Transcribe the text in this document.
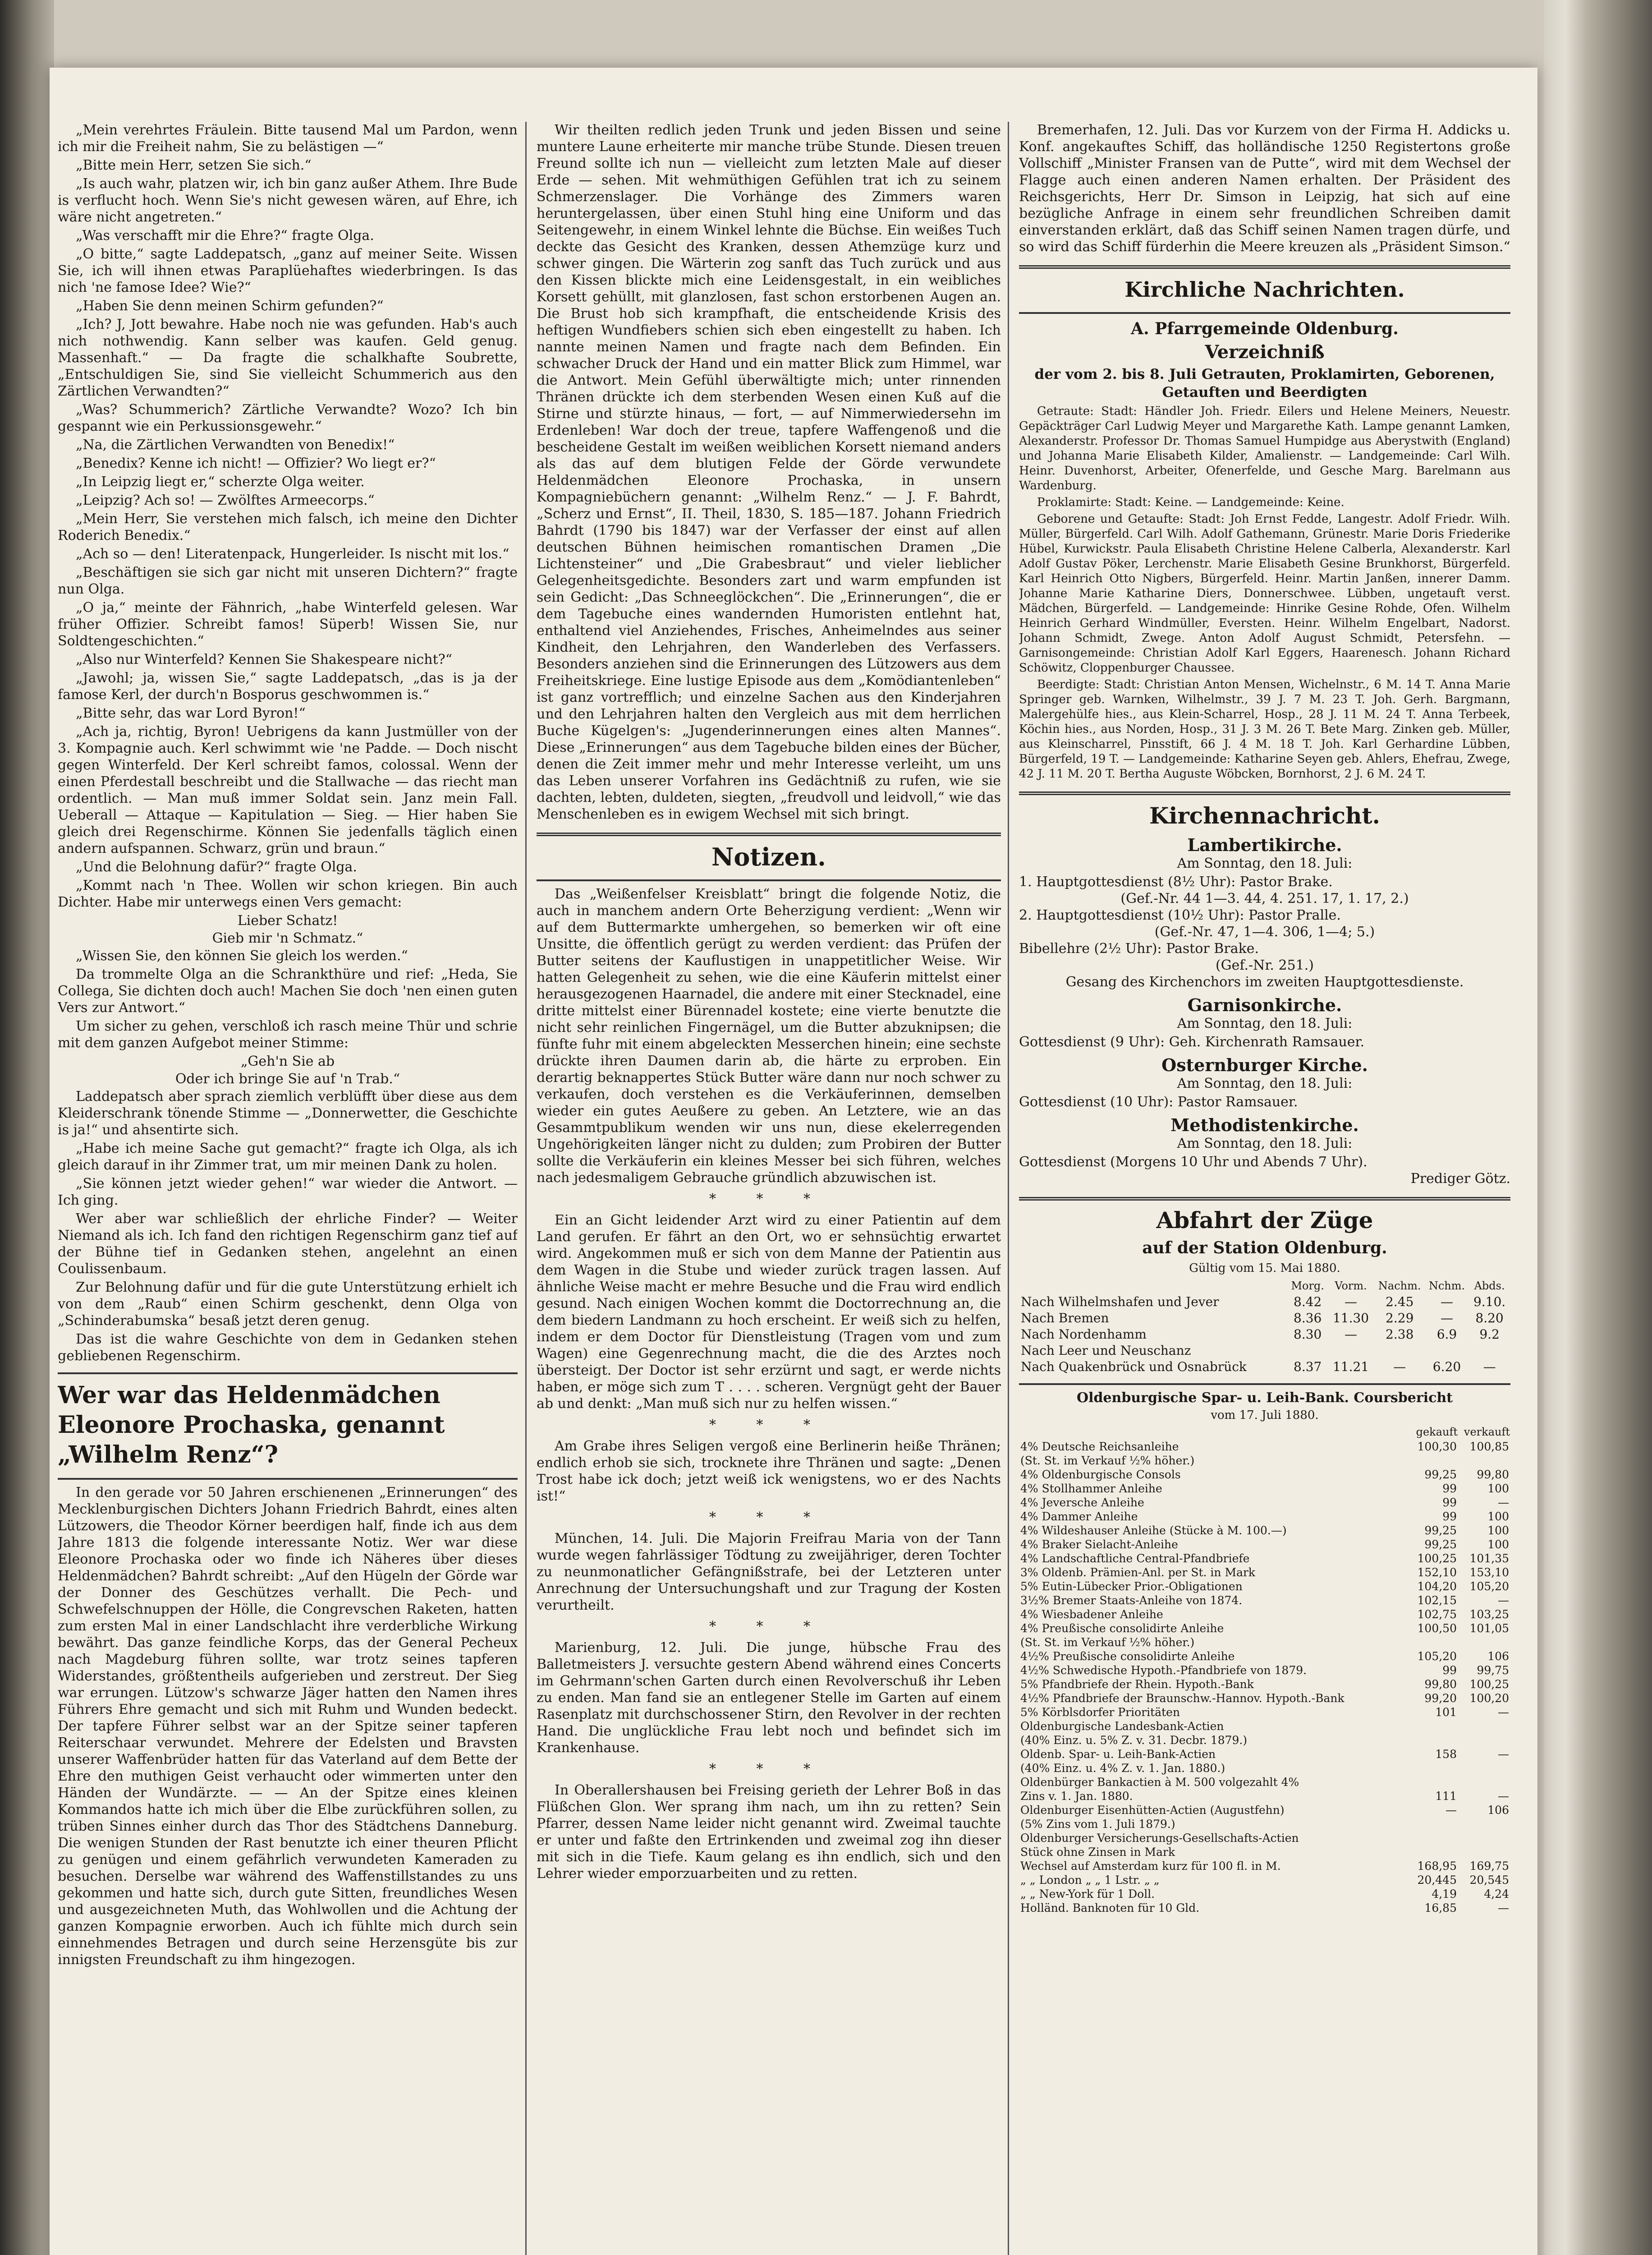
„Mein verehrtes Fräulein. Bitte tausend Mal um Pardon, wenn ich mir die Freiheit nahm, Sie zu belästigen —“

„Bitte mein Herr, setzen Sie sich.“

„Is auch wahr, platzen wir, ich bin ganz außer Athem. Ihre Bude is verflucht hoch. Wenn Sie's nicht gewesen wären, auf Ehre, ich wäre nicht angetreten.“

„Was verschafft mir die Ehre?“ fragte Olga.

„O bitte,“ sagte Laddepatsch, „ganz auf meiner Seite. Wissen Sie, ich will ihnen etwas Paraplüehaftes wiederbringen. Is das nich 'ne famose Idee? Wie?“

„Haben Sie denn meinen Schirm gefunden?“

„Ich? J, Jott bewahre. Habe noch nie was gefunden. Hab's auch nich nothwendig. Kann selber was kaufen. Geld genug. Massenhaft.“ — Da fragte die schalkhafte Soubrette, „Entschuldigen Sie, sind Sie vielleicht Schummerich aus den Zärtlichen Verwandten?“

„Was? Schummerich? Zärtliche Verwandte? Wozo? Ich bin gespannt wie ein Perkussionsgewehr.“

„Na, die Zärtlichen Verwandten von Benedix!“

„Benedix? Kenne ich nicht! — Offizier? Wo liegt er?“

„In Leipzig liegt er,“ scherzte Olga weiter.

„Leipzig? Ach so! — Zwölftes Armeecorps.“

„Mein Herr, Sie verstehen mich falsch, ich meine den Dichter Roderich Benedix.“

„Ach so — den! Literatenpack, Hungerleider. Is nischt mit los.“

„Beschäftigen sie sich gar nicht mit unseren Dichtern?“ fragte nun Olga.

„O ja,“ meinte der Fähnrich, „habe Winterfeld gelesen. War früher Offizier. Schreibt famos! Süperb! Wissen Sie, nur Soldtengeschichten.“

„Also nur Winterfeld? Kennen Sie Shakespeare nicht?“

„Jawohl; ja, wissen Sie,“ sagte Laddepatsch, „das is ja der famose Kerl, der durch'n Bosporus geschwommen is.“

„Bitte sehr, das war Lord Byron!“

„Ach ja, richtig, Byron! Uebrigens da kann Justmüller von der 3. Kompagnie auch. Kerl schwimmt wie 'ne Padde. — Doch nischt gegen Winterfeld. Der Kerl schreibt famos, colossal. Wenn der einen Pferdestall beschreibt und die Stallwache — das riecht man ordentlich. — Man muß immer Soldat sein. Janz mein Fall. Ueberall — Attaque — Kapitulation — Sieg. — Hier haben Sie gleich drei Regenschirme. Können Sie jedenfalls täglich einen andern aufspannen. Schwarz, grün und braun.“

„Und die Belohnung dafür?“ fragte Olga.

„Kommt nach 'n Thee. Wollen wir schon kriegen. Bin auch Dichter. Habe mir unterwegs einen Vers gemacht:

Lieber Schatz!

Gieb mir 'n Schmatz.“

„Wissen Sie, den können Sie gleich los werden.“

Da trommelte Olga an die Schrankthüre und rief: „Heda, Sie Collega, Sie dichten doch auch! Machen Sie doch 'nen einen guten Vers zur Antwort.“

Um sicher zu gehen, verschloß ich rasch meine Thür und schrie mit dem ganzen Aufgebot meiner Stimme:

„Geh'n Sie ab

Oder ich bringe Sie auf 'n Trab.“

Laddepatsch aber sprach ziemlich verblüfft über diese aus dem Kleiderschrank tönende Stimme — „Donnerwetter, die Geschichte is ja!“ und ahsentirte sich.

„Habe ich meine Sache gut gemacht?“ fragte ich Olga, als ich gleich darauf in ihr Zimmer trat, um mir meinen Dank zu holen.

„Sie können jetzt wieder gehen!“ war wieder die Antwort. — Ich ging.

Wer aber war schließlich der ehrliche Finder? — Weiter Niemand als ich. Ich fand den richtigen Regenschirm ganz tief auf der Bühne tief in Gedanken stehen, angelehnt an einen Coulissenbaum.

Zur Belohnung dafür und für die gute Unterstützung erhielt ich von dem „Raub“ einen Schirm geschenkt, denn Olga von „Schinderabumska“ besaß jetzt deren genug.

Das ist die wahre Geschichte von dem in Gedanken stehen gebliebenen Regenschirm.

Wer war das Heldenmädchen Eleonore Prochaska, genannt „Wilhelm Renz“?

In den gerade vor 50 Jahren erschienenen „Erinnerungen“ des Mecklenburgischen Dichters Johann Friedrich Bahrdt, eines alten Lützowers, die Theodor Körner beerdigen half, finde ich aus dem Jahre 1813 die folgende interessante Notiz. Wer war diese Eleonore Prochaska oder wo finde ich Näheres über dieses Heldenmädchen? Bahrdt schreibt: „Auf den Hügeln der Görde war der Donner des Geschützes verhallt. Die Pech- und Schwefelschnuppen der Hölle, die Congrevschen Raketen, hatten zum ersten Mal in einer Landschlacht ihre verderbliche Wirkung bewährt. Das ganze feindliche Korps, das der General Pecheux nach Magdeburg führen sollte, war trotz seines tapferen Widerstandes, größtentheils aufgerieben und zerstreut. Der Sieg war errungen. Lützow's schwarze Jäger hatten den Namen ihres Führers Ehre gemacht und sich mit Ruhm und Wunden bedeckt. Der tapfere Führer selbst war an der Spitze seiner tapferen Reiterschaar verwundet. Mehrere der Edelsten und Bravsten unserer Waffenbrüder hatten für das Vaterland auf dem Bette der Ehre den muthigen Geist verhaucht oder wimmerten unter den Händen der Wundärzte. — — An der Spitze eines kleinen Kommandos hatte ich mich über die Elbe zurückführen sollen, zu trüben Sinnes einher durch das Thor des Städtchens Danneburg. Die wenigen Stunden der Rast benutzte ich einer theuren Pflicht zu genügen und einem gefährlich verwundeten Kameraden zu besuchen. Derselbe war während des Waffenstillstandes zu uns gekommen und hatte sich, durch gute Sitten, freundliches Wesen und ausgezeichneten Muth, das Wohlwollen und die Achtung der ganzen Kompagnie erworben. Auch ich fühlte mich durch sein einnehmendes Betragen und durch seine Herzensgüte bis zur innigsten Freundschaft zu ihm hingezogen.

Wir theilten redlich jeden Trunk und jeden Bissen und seine muntere Laune erheiterte mir manche trübe Stunde. Diesen treuen Freund sollte ich nun — vielleicht zum letzten Male auf dieser Erde — sehen. Mit wehmüthigen Gefühlen trat ich zu seinem Schmerzenslager. Die Vorhänge des Zimmers waren heruntergelassen, über einen Stuhl hing eine Uniform und das Seitengewehr, in einem Winkel lehnte die Büchse. Ein weißes Tuch deckte das Gesicht des Kranken, dessen Athemzüge kurz und schwer gingen. Die Wärterin zog sanft das Tuch zurück und aus den Kissen blickte mich eine Leidensgestalt, in ein weibliches Korsett gehüllt, mit glanzlosen, fast schon erstorbenen Augen an. Die Brust hob sich krampfhaft, die entscheidende Krisis des heftigen Wundfiebers schien sich eben eingestellt zu haben. Ich nannte meinen Namen und fragte nach dem Befinden. Ein schwacher Druck der Hand und ein matter Blick zum Himmel, war die Antwort. Mein Gefühl überwältigte mich; unter rinnenden Thränen drückte ich dem sterbenden Wesen einen Kuß auf die Stirne und stürzte hinaus, — fort, — auf Nimmerwiedersehn im Erdenleben! War doch der treue, tapfere Waffengenoß und die bescheidene Gestalt im weißen weiblichen Korsett niemand anders als das auf dem blutigen Felde der Görde verwundete Heldenmädchen Eleonore Prochaska, in unsern Kompagniebüchern genannt: „Wilhelm Renz.“ — J. F. Bahrdt, „Scherz und Ernst“, II. Theil, 1830, S. 185—187. Johann Friedrich Bahrdt (1790 bis 1847) war der Verfasser der einst auf allen deutschen Bühnen heimischen romantischen Dramen „Die Lichtensteiner“ und „Die Grabesbraut“ und vieler lieblicher Gelegenheitsgedichte. Besonders zart und warm empfunden ist sein Gedicht: „Das Schneeglöckchen“. Die „Erinnerungen“, die er dem Tagebuche eines wandernden Humoristen entlehnt hat, enthaltend viel Anziehendes, Frisches, Anheimelndes aus seiner Kindheit, den Lehrjahren, den Wanderleben des Verfassers. Besonders anziehen sind die Erinnerungen des Lützowers aus dem Freiheitskriege. Eine lustige Episode aus dem „Komödiantenleben“ ist ganz vortrefflich; und einzelne Sachen aus den Kinderjahren und den Lehrjahren halten den Vergleich aus mit dem herrlichen Buche Kügelgen's: „Jugenderinnerungen eines alten Mannes“. Diese „Erinnerungen“ aus dem Tagebuche bilden eines der Bücher, denen die Zeit immer mehr und mehr Interesse verleiht, um uns das Leben unserer Vorfahren ins Gedächtniß zu rufen, wie sie dachten, lebten, duldeten, siegten, „freudvoll und leidvoll,“ wie das Menschenleben es in ewigem Wechsel mit sich bringt.

Notizen.

Das „Weißenfelser Kreisblatt“ bringt die folgende Notiz, die auch in manchem andern Orte Beherzigung verdient: „Wenn wir auf dem Buttermarkte umhergehen, so bemerken wir oft eine Unsitte, die öffentlich gerügt zu werden verdient: das Prüfen der Butter seitens der Kauflustigen in unappetitlicher Weise. Wir hatten Gelegenheit zu sehen, wie die eine Käuferin mittelst einer herausgezogenen Haarnadel, die andere mit einer Stecknadel, eine dritte mittelst einer Bürennadel kostete; eine vierte benutzte die nicht sehr reinlichen Fingernägel, um die Butter abzuknipsen; die fünfte fuhr mit einem abgeleckten Messerchen hinein; eine sechste drückte ihren Daumen darin ab, die härte zu erproben. Ein derartig beknappertes Stück Butter wäre dann nur noch schwer zu verkaufen, doch verstehen es die Verkäuferinnen, demselben wieder ein gutes Aeußere zu geben. An Letztere, wie an das Gesammtpublikum wenden wir uns nun, diese ekelerregenden Ungehörigkeiten länger nicht zu dulden; zum Probiren der Butter sollte die Verkäuferin ein kleines Messer bei sich führen, welches nach jedesmaligem Gebrauche gründlich abzuwischen ist.

* * *

Ein an Gicht leidender Arzt wird zu einer Patientin auf dem Land gerufen. Er fährt an den Ort, wo er sehnsüchtig erwartet wird. Angekommen muß er sich von dem Manne der Patientin aus dem Wagen in die Stube und wieder zurück tragen lassen. Auf ähnliche Weise macht er mehre Besuche und die Frau wird endlich gesund. Nach einigen Wochen kommt die Doctorrechnung an, die dem biedern Landmann zu hoch erscheint. Er weiß sich zu helfen, indem er dem Doctor für Dienstleistung (Tragen vom und zum Wagen) eine Gegenrechnung macht, die die des Arztes noch übersteigt. Der Doctor ist sehr erzürnt und sagt, er werde nichts haben, er möge sich zum T . . . . scheren. Vergnügt geht der Bauer ab und denkt: „Man muß sich nur zu helfen wissen.“

* * *

Am Grabe ihres Seligen vergoß eine Berlinerin heiße Thränen; endlich erhob sie sich, trocknete ihre Thränen und sagte: „Denen Trost habe ick doch; jetzt weiß ick wenigstens, wo er des Nachts ist!“

* * *

München, 14. Juli. Die Majorin Freifrau Maria von der Tann wurde wegen fahrlässiger Tödtung zu zweijähriger, deren Tochter zu neunmonatlicher Gefängnißstrafe, bei der Letzteren unter Anrechnung der Untersuchungshaft und zur Tragung der Kosten verurtheilt.

* * *

Marienburg, 12. Juli. Die junge, hübsche Frau des Balletmeisters J. versuchte gestern Abend während eines Concerts im Gehrmann'schen Garten durch einen Revolverschuß ihr Leben zu enden. Man fand sie an entlegener Stelle im Garten auf einem Rasenplatz mit durchschossener Stirn, den Revolver in der rechten Hand. Die unglückliche Frau lebt noch und befindet sich im Krankenhause.

* * *

In Oberallershausen bei Freising gerieth der Lehrer Boß in das Flüßchen Glon. Wer sprang ihm nach, um ihn zu retten? Sein Pfarrer, dessen Name leider nicht genannt wird. Zweimal tauchte er unter und faßte den Ertrinkenden und zweimal zog ihn dieser mit sich in die Tiefe. Kaum gelang es ihn endlich, sich und den Lehrer wieder emporzuarbeiten und zu retten.

Bremerhafen, 12. Juli. Das vor Kurzem von der Firma H. Addicks u. Konf. angekauftes Schiff, das holländische 1250 Registertons große Vollschiff „Minister Fransen van de Putte“, wird mit dem Wechsel der Flagge auch einen anderen Namen erhalten. Der Präsident des Reichsgerichts, Herr Dr. Simson in Leipzig, hat sich auf eine bezügliche Anfrage in einem sehr freundlichen Schreiben damit einverstanden erklärt, daß das Schiff seinen Namen tragen dürfe, und so wird das Schiff fürderhin die Meere kreuzen als „Präsident Simson.“

Kirchliche Nachrichten.
A. Pfarrgemeinde Oldenburg.
Verzeichniß
der vom 2. bis 8. Juli Getrauten, Proklamirten, Geborenen, Getauften und Beerdigten

Getraute: Stadt: Händler Joh. Friedr. Eilers und Helene Meiners, Neuestr. Gepäckträger Carl Ludwig Meyer und Margarethe Kath. Lampe genannt Lamken, Alexanderstr. Professor Dr. Thomas Samuel Humpidge aus Aberystwith (England) und Johanna Marie Elisabeth Kilder, Amalienstr. — Landgemeinde: Carl Wilh. Heinr. Duvenhorst, Arbeiter, Ofenerfelde, und Gesche Marg. Barelmann aus Wardenburg.

Proklamirte: Stadt: Keine. — Landgemeinde: Keine.

Geborene und Getaufte: Stadt: Joh Ernst Fedde, Langestr. Adolf Friedr. Wilh. Müller, Bürgerfeld. Carl Wilh. Adolf Gathemann, Grünestr. Marie Doris Friederike Hübel, Kurwickstr. Paula Elisabeth Christine Helene Calberla, Alexanderstr. Karl Adolf Gustav Pöker, Lerchenstr. Marie Elisabeth Gesine Brunkhorst, Bürgerfeld. Karl Heinrich Otto Nigbers, Bürgerfeld. Heinr. Martin Janßen, innerer Damm. Johanne Marie Katharine Diers, Donnerschwee. Lübben, ungetauft verst. Mädchen, Bürgerfeld. — Landgemeinde: Hinrike Gesine Rohde, Ofen. Wilhelm Heinrich Gerhard Windmüller, Eversten. Heinr. Wilhelm Engelbart, Nadorst. Johann Schmidt, Zwege. Anton Adolf August Schmidt, Petersfehn. — Garnisongemeinde: Christian Adolf Karl Eggers, Haarenesch. Johann Richard Schöwitz, Cloppenburger Chaussee.

Beerdigte: Stadt: Christian Anton Mensen, Wichelnstr., 6 M. 14 T. Anna Marie Springer geb. Warnken, Wilhelmstr., 39 J. 7 M. 23 T. Joh. Gerh. Bargmann, Malergehülfe hies., aus Klein-Scharrel, Hosp., 28 J. 11 M. 24 T. Anna Terbeek, Köchin hies., aus Norden, Hosp., 31 J. 3 M. 26 T. Bete Marg. Zinken geb. Müller, aus Kleinscharrel, Pinsstift, 66 J. 4 M. 18 T. Joh. Karl Gerhardine Lübben, Bürgerfeld, 19 T. — Landgemeinde: Katharine Seyen geb. Ahlers, Ehefrau, Zwege, 42 J. 11 M. 20 T. Bertha Auguste Wöbcken, Bornhorst, 2 J. 6 M. 24 T.

Kirchennachricht.
Lambertikirche.
Am Sonntag, den 18. Juli:
1. Hauptgottesdienst (8½ Uhr): Pastor Brake.
(Gef.-Nr. 44 1—3. 44, 4. 251. 17, 1. 17, 2.)
2. Hauptgottesdienst (10½ Uhr): Pastor Pralle.
(Gef.-Nr. 47, 1—4. 306, 1—4; 5.)
Bibellehre (2½ Uhr): Pastor Brake.
(Gef.-Nr. 251.)
Gesang des Kirchenchors im zweiten Hauptgottesdienste.
Garnisonkirche.
Am Sonntag, den 18. Juli:
Gottesdienst (9 Uhr): Geh. Kirchenrath Ramsauer.
Osternburger Kirche.
Am Sonntag, den 18. Juli:
Gottesdienst (10 Uhr): Pastor Ramsauer.
Methodistenkirche.
Am Sonntag, den 18. Juli:
Gottesdienst (Morgens 10 Uhr und Abends 7 Uhr).
Prediger Götz.
Abfahrt der Züge
auf der Station Oldenburg.
Gültig vom 15. Mai 1880.
	Morg.	Vorm.	Nachm.	Nchm.	Abds.
Nach Wilhelmshafen und Jever	8.42	—	2.45	—	9.10.
Nach Bremen	8.36	11.30	2.29	—	8.20
Nach Nordenhamm	8.30	—	2.38	6.9	9.2
Nach Leer und Neuschanz					
Nach Quakenbrück und Osnabrück	8.37	11.21	—	6.20	—
Oldenburgische Spar- u. Leih-Bank. Coursbericht
vom 17. Juli 1880.
	gekauft	verkauft
4% Deutsche Reichsanleihe	100,30	100,85
(St. St. im Verkauf ½% höher.)		
4% Oldenburgische Consols	99,25	99,80
4% Stollhammer Anleihe	99	100
4% Jeversche Anleihe	99	—
4% Dammer Anleihe	99	100
4% Wildeshauser Anleihe (Stücke à M. 100.—)	99,25	100
4% Braker Sielacht-Anleihe	99,25	100
4% Landschaftliche Central-Pfandbriefe	100,25	101,35
3% Oldenb. Prämien-Anl. per St. in Mark	152,10	153,10
5% Eutin-Lübecker Prior.-Obligationen	104,20	105,20
3½% Bremer Staats-Anleihe von 1874.	102,15	—
4% Wiesbadener Anleihe	102,75	103,25
4% Preußische consolidirte Anleihe	100,50	101,05
(St. St. im Verkauf ½% höher.)		
4½% Preußische consolidirte Anleihe	105,20	106
4½% Schwedische Hypoth.-Pfandbriefe von 1879.	99	99,75
5% Pfandbriefe der Rhein. Hypoth.-Bank	99,80	100,25
4½% Pfandbriefe der Braunschw.-Hannov. Hypoth.-Bank	99,20	100,20
5% Körblsdorfer Prioritäten	101	—
Oldenburgische Landesbank-Actien		
(40% Einz. u. 5% Z. v. 31. Decbr. 1879.)		
Oldenb. Spar- u. Leih-Bank-Actien	158	—
(40% Einz. u. 4% Z. v. 1. Jan. 1880.)		
Oldenbürger Bankactien à M. 500 volgezahlt 4%		
Zins v. 1. Jan. 1880.	111	—
Oldenburger Eisenhütten-Actien (Augustfehn)	—	106
(5% Zins vom 1. Juli 1879.)		
Oldenburger Versicherungs-Gesellschafts-Actien		
Stück ohne Zinsen in Mark		
Wechsel auf Amsterdam kurz für 100 fl. in M.	168,95	169,75
„ „ London „ „ 1 Lstr. „ „	20,445	20,545
„ „ New-York für 1 Doll.	4,19	4,24
Holländ. Banknoten für 10 Gld.	16,85	—
